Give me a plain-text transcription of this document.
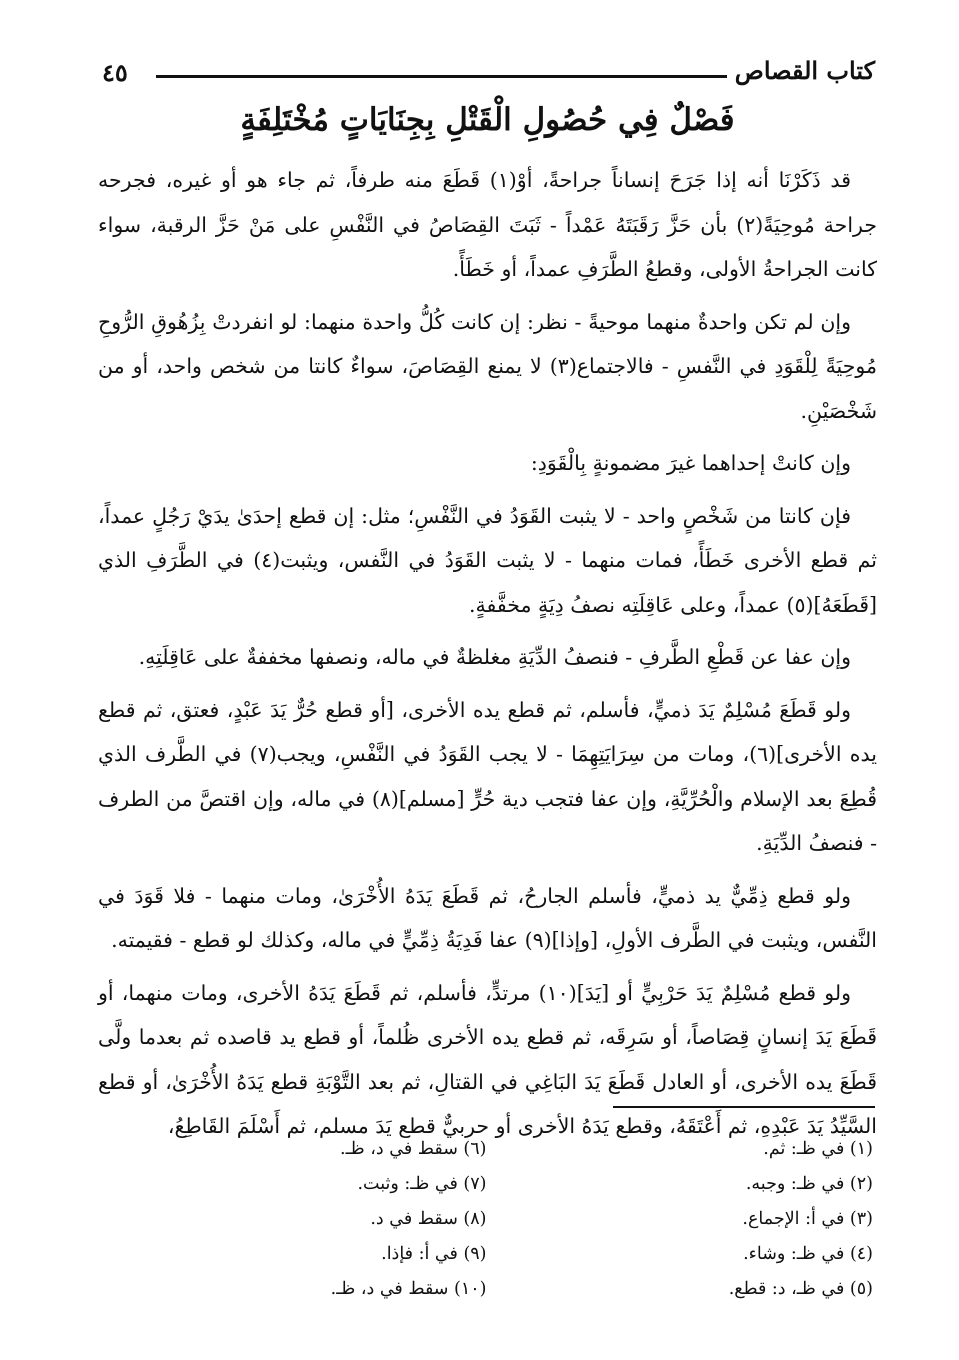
٤٥	كتاب القصاص
فَصْلٌ فِي حُصُولِ الْقَتْلِ بِجِنَايَاتٍ مُخْتَلِفَةٍ

قد ذَكَرْنَا أنه إذا جَرَحَ إنساناً جراحةً، أوْ(١) قَطَعَ منه طرفاً، ثم جاء هو أو غيره، فجرحه جراحة مُوحِيَةً(٢) بأن حَزَّ رَقَبَتَهُ عَمْداً - ثَبَتَ القِصَاصُ في النَّفْسِ على مَنْ حَزَّ الرقبة، سواء كانت الجراحةُ الأولى، وقطعُ الطَّرَفِ عمداً، أو خَطَأً.

وإن لم تكن واحدةٌ منهما موحيةً - نظر: إن كانت كُلُّ واحدة منهما: لو انفردتْ بِزُهُوقِ الرُّوحِ مُوحِيَةً لِلْقَوَدِ في النَّفسِ - فالاجتماع(٣) لا يمنع القِصَاصَ، سواءٌ كانتا من شخص واحد، أو من شَخْصَيْنِ.

وإن كانتْ إحداهما غيرَ مضمونةٍ بِالْقَوَدِ:

فإن كانتا من شَخْصٍ واحد - لا يثبت القَوَدُ في النَّفْسِ؛ مثل: إن قطع إحدَىٰ يدَيْ رَجُلٍ عمداً، ثم قطع الأخرى خَطَأً، فمات منهما - لا يثبت القَوَدُ في النَّفس، ويثبت(٤) في الطَّرَفِ الذي [قَطَعَهُ](٥) عمداً، وعلى عَاقِلَتِه نصفُ دِيَةٍ مخفَّفةٍ.

وإن عفا عن قَطْعِ الطَّرفِ - فنصفُ الدِّيَةِ مغلظةٌ في ماله، ونصفها مخففةٌ على عَاقِلَتِهِ.

ولو قَطَعَ مُسْلِمٌ يَدَ ذميٍّ، فأسلم، ثم قطع يده الأخرى، [أو قطع حُرٌّ يَدَ عَبْدٍ، فعتق، ثم قطع يده الأخرى](٦)، ومات من سِرَايَتِهِمَا - لا يجب القَوَدُ في النَّفْسِ، ويجب(٧) في الطَّرف الذي قُطِعَ بعد الإسلام والْحُرِّيَّةِ، وإن عفا فتجب دية حُرٍّ [مسلم](٨) في ماله، وإن اقتصَّ من الطرف - فنصفُ الدِّيَةِ.

ولو قطع ذِمِّيٌّ يد ذميٍّ، فأسلم الجارحُ، ثم قَطَعَ يَدَهُ الأُخْرَىٰ، ومات منهما - فلا قَوَدَ في النَّفس، ويثبت في الطَّرف الأولِ، [وإذا](٩) عفا فَدِيَةُ ذِمِّيٍّ في ماله، وكذلك لو قطع - فقيمته.

ولو قطع مُسْلِمٌ يَدَ حَرْبِيٍّ أو [يَدَ](١٠) مرتدٍّ، فأسلم، ثم قَطَعَ يَدَهُ الأخرى، ومات منهما، أو قَطَعَ يَدَ إنسانٍ قِصَاصاً، أو سَرِقَه، ثم قطع يده الأخرى ظُلماً، أو قطع يد قاصده ثم بعدما ولَّى قَطَعَ يده الأخرى، أو العادل قَطَعَ يَدَ البَاغِي في القتالِ، ثم بعد التَّوْبَةِ قطع يَدَهُ الأُخْرَىٰ، أو قطع السَّيِّدُ يَدَ عَبْدِهِ، ثم أَعْتَقَهُ، وقطع يَدَهُ الأخرى أو حربيٌّ قطع يَدَ مسلم، ثم أَسْلَمَ القَاطِعُ،

(١) في ظـ: ثم.
(٢) في ظـ: وجبه.
(٣) في أ: الإجماع.
(٤) في ظـ: وشاء.
(٥) في ظـ، د: قطع.
(٦) سقط في د، ظـ.
(٧) في ظـ: وثبت.
(٨) سقط في د.
(٩) في أ: فإذا.
(١٠) سقط في د، ظـ.
